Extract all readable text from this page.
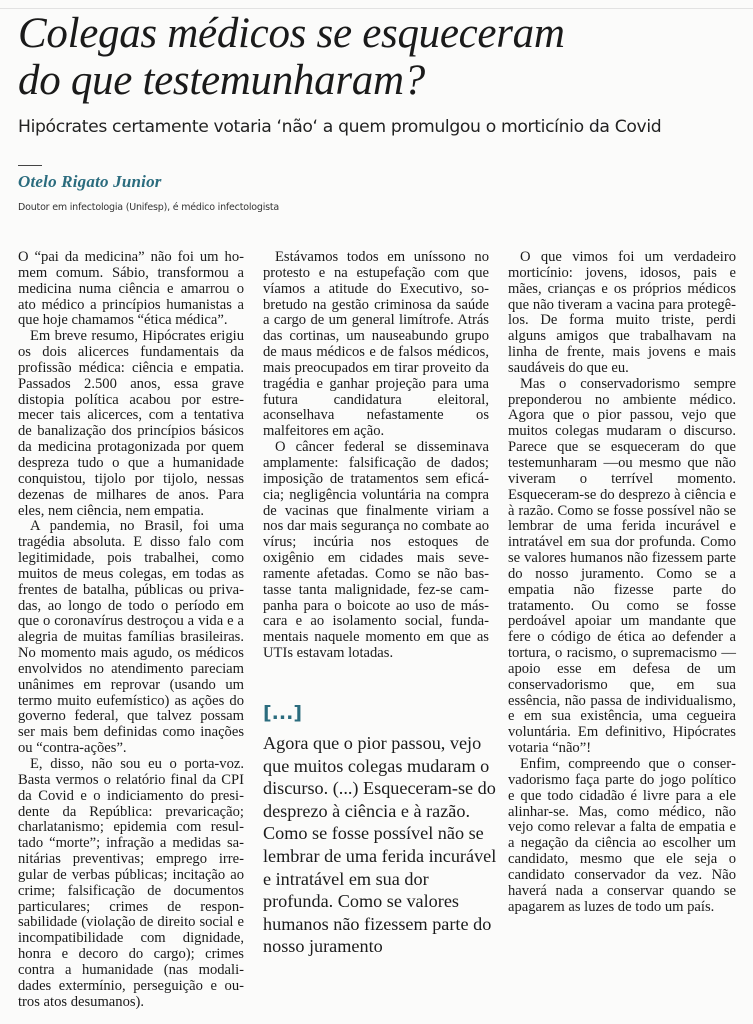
Colegas médicos se esqueceram
do que testemunharam?

Hipócrates certamente votaria ‘não‘ a quem promulgou o morticínio da Covid

Otelo Rigato Junior
Doutor em infectologia (Unifesp), é médico infectologista

O “pai da medicina” não foi um homem comum. Sábio, transformou a medicina numa ciência e amarrou o ato médico a princípios humanistas a que hoje chamamos “ética médica”.

Em breve resumo, Hipócrates erigiu os dois alicerces fundamentais da profissão médica: ciência e empatia. Passados 2.500 anos, essa grave distopia política acabou por estremecer tais alicerces, com a tentativa de banalização dos princípios básicos da medicina protagonizada por quem despreza tudo o que a humanidade conquistou, tijolo por tijolo, nessas dezenas de milhares de anos. Para eles, nem ciência, nem empatia.

A pandemia, no Brasil, foi uma tragédia absoluta. E disso falo com legitimidade, pois trabalhei, como muitos de meus colegas, em todas as frentes de batalha, públicas ou privadas, ao longo de todo o período em que o coronavírus destroçou a vida e a alegria de muitas famílias brasileiras. No momento mais agudo, os médicos envolvidos no atendimento pareciam unânimes em reprovar (usando um termo muito eufemístico) as ações do governo federal, que talvez possam ser mais bem definidas como inações ou “contra-ações”.

E, disso, não sou eu o porta-voz. Basta vermos o relatório final da CPI da Covid e o indiciamento do presidente da República: prevaricação; charlatanismo; epidemia com resultado “morte”; infração a medidas sanitárias preventivas; emprego irregular de verbas públicas; incitação ao crime; falsificação de documentos particulares; crimes de responsabilidade (violação de direito social e incompatibilidade com dignidade, honra e decoro do cargo); crimes contra a humanidade (nas modalidades extermínio, perseguição e outros atos desumanos).

Estávamos todos em uníssono no protesto e na estupefação com que víamos a atitude do Executivo, sobretudo na gestão criminosa da saúde a cargo de um general limítrofe. Atrás das cortinas, um nauseabundo grupo de maus médicos e de falsos médicos, mais preocupados em tirar proveito da tragédia e ganhar projeção para uma futura candidatura eleitoral, aconselhava nefastamente os malfeitores em ação.

O câncer federal se disseminava amplamente: falsificação de dados; imposição de tratamentos sem eficácia; negligência voluntária na compra de vacinas que finalmente viriam a nos dar mais segurança no combate ao vírus; incúria nos estoques de oxigênio em cidades mais severamente afetadas. Como se não bastasse tanta malignidade, fez-se campanha para o boicote ao uso de máscara e ao isolamento social, fundamentais naquele momento em que as UTIs estavam lotadas.

[...]

Agora que o pior passou, vejo que muitos colegas mudaram o discurso. (...) Esqueceram-se do desprezo à ciência e à razão. Como se fosse possível não se lembrar de uma ferida incurável e intratável em sua dor profunda. Como se valores humanos não fizessem parte do nosso juramento

O que vimos foi um verdadeiro morticínio: jovens, idosos, pais e mães, crianças e os próprios médicos que não tiveram a vacina para protegê-los. De forma muito triste, perdi alguns amigos que trabalhavam na linha de frente, mais jovens e mais saudáveis do que eu.

Mas o conservadorismo sempre preponderou no ambiente médico. Agora que o pior passou, vejo que muitos colegas mudaram o discurso. Parece que se esqueceram do que testemunharam —ou mesmo que não viveram o terrível momento. Esqueceram-se do desprezo à ciência e à razão. Como se fosse possível não se lembrar de uma ferida incurável e intratável em sua dor profunda. Como se valores humanos não fizessem parte do nosso juramento. Como se a empatia não fizesse parte do tratamento. Ou como se fosse perdoável apoiar um mandante que fere o código de ética ao defender a tortura, o racismo, o supremacismo —apoio esse em defesa de um conservadorismo que, em sua essência, não passa de individualismo, e em sua existência, uma cegueira voluntária. Em definitivo, Hipócrates votaria “não”!

Enfim, compreendo que o conservadorismo faça parte do jogo político e que todo cidadão é livre para a ele alinhar-se. Mas, como médico, não vejo como relevar a falta de empatia e a negação da ciência ao escolher um candidato, mesmo que ele seja o candidato conservador da vez. Não haverá nada a conservar quando se apagarem as luzes de todo um país.
